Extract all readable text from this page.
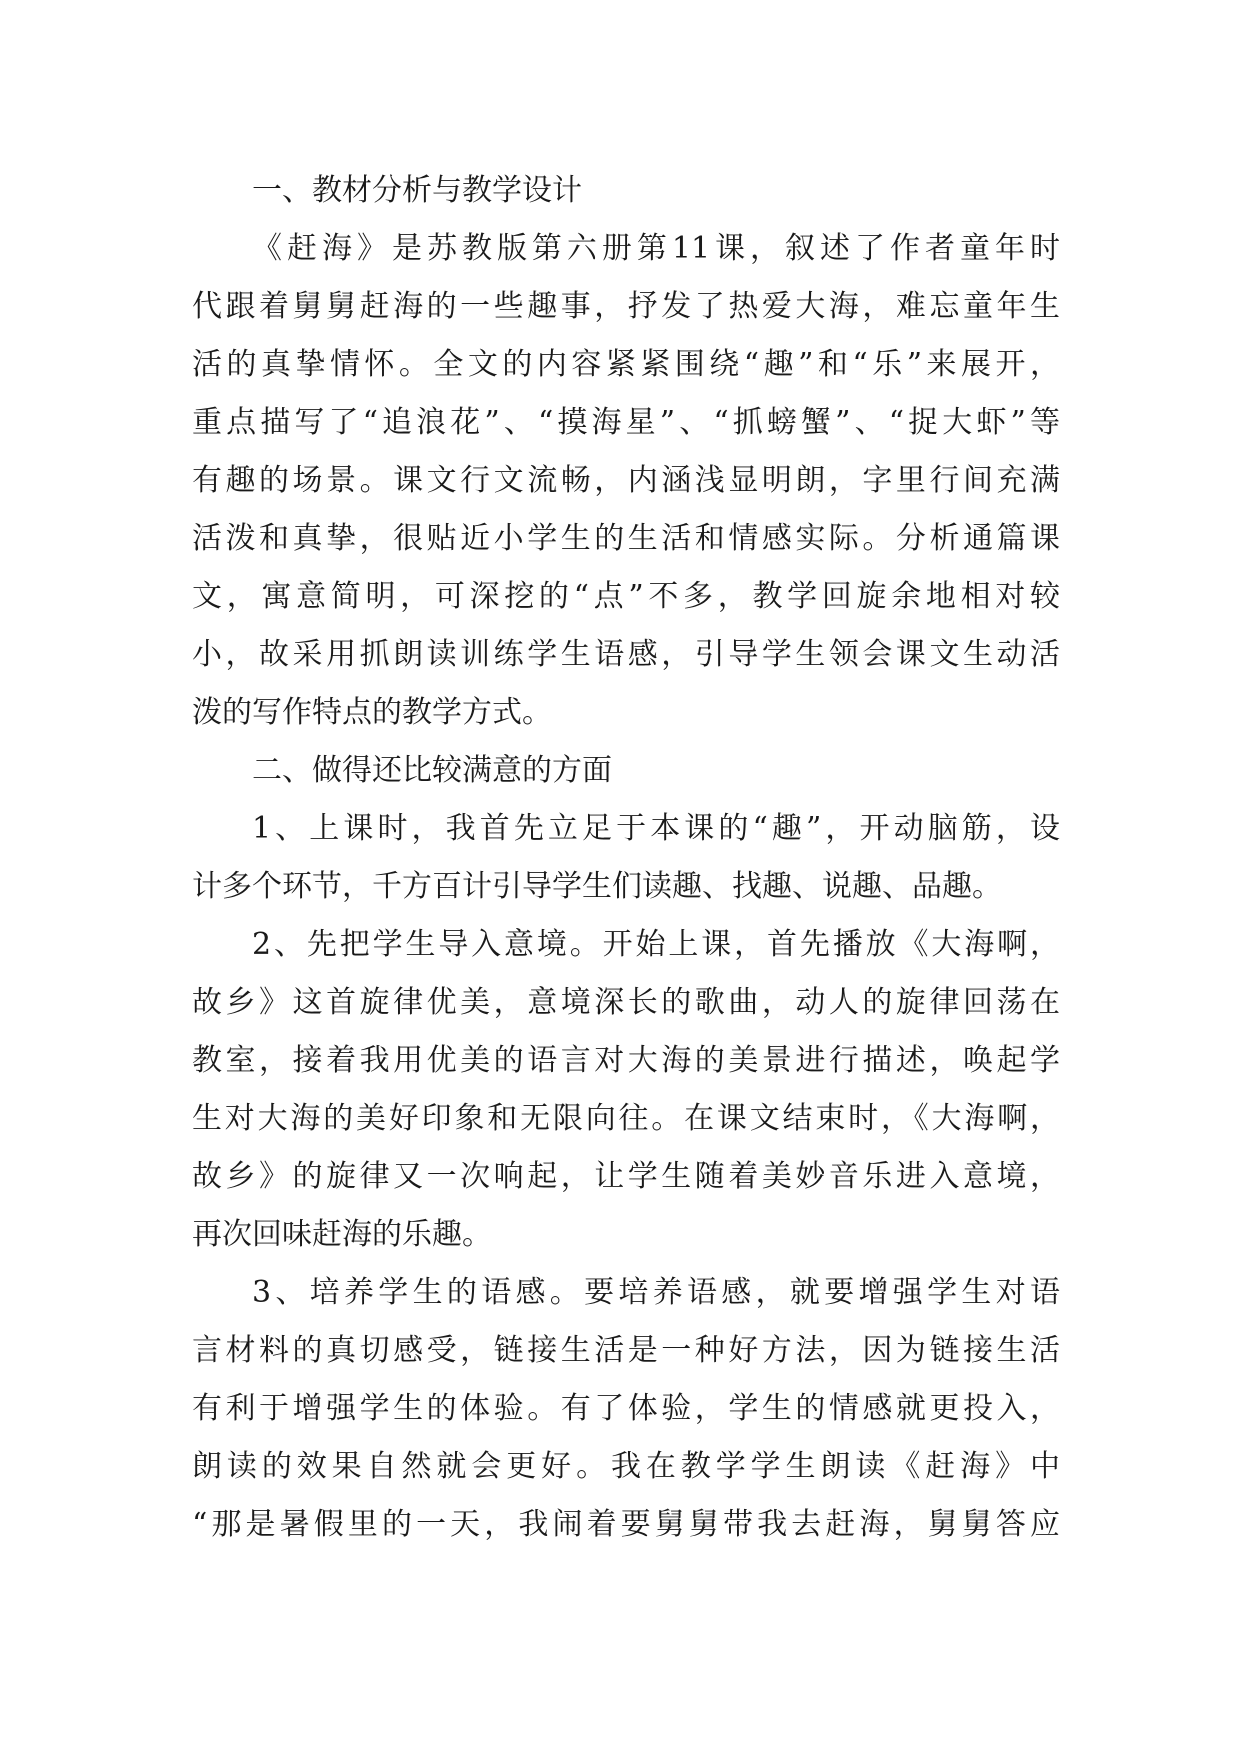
一、教材分析与教学设计
《赶海》是苏教版第六册第11课，叙述了作者童年时
代跟着舅舅赶海的一些趣事，抒发了热爱大海，难忘童年生
活的真挚情怀。全文的内容紧紧围绕“趣”和“乐”来展开，
重点描写了“追浪花”、“摸海星”、“抓螃蟹”、“捉大虾”等
有趣的场景。课文行文流畅，内涵浅显明朗，字里行间充满
活泼和真挚，很贴近小学生的生活和情感实际。分析通篇课
文，寓意简明，可深挖的“点”不多，教学回旋余地相对较
小，故采用抓朗读训练学生语感，引导学生领会课文生动活
泼的写作特点的教学方式。
二、做得还比较满意的方面
1、上课时，我首先立足于本课的“趣”，开动脑筋，设
计多个环节，千方百计引导学生们读趣、找趣、说趣、品趣。
2、先把学生导入意境。开始上课，首先播放《大海啊，
故乡》这首旋律优美，意境深长的歌曲，动人的旋律回荡在
教室，接着我用优美的语言对大海的美景进行描述，唤起学
生对大海的美好印象和无限向往。在课文结束时，《大海啊，
故乡》的旋律又一次响起，让学生随着美妙音乐进入意境，
再次回味赶海的乐趣。
3、培养学生的语感。要培养语感，就要增强学生对语
言材料的真切感受，链接生活是一种好方法，因为链接生活
有利于增强学生的体验。有了体验，学生的情感就更投入，
朗读的效果自然就会更好。我在教学学生朗读《赶海》中
“那是暑假里的一天，我闹着要舅舅带我去赶海，舅舅答应
